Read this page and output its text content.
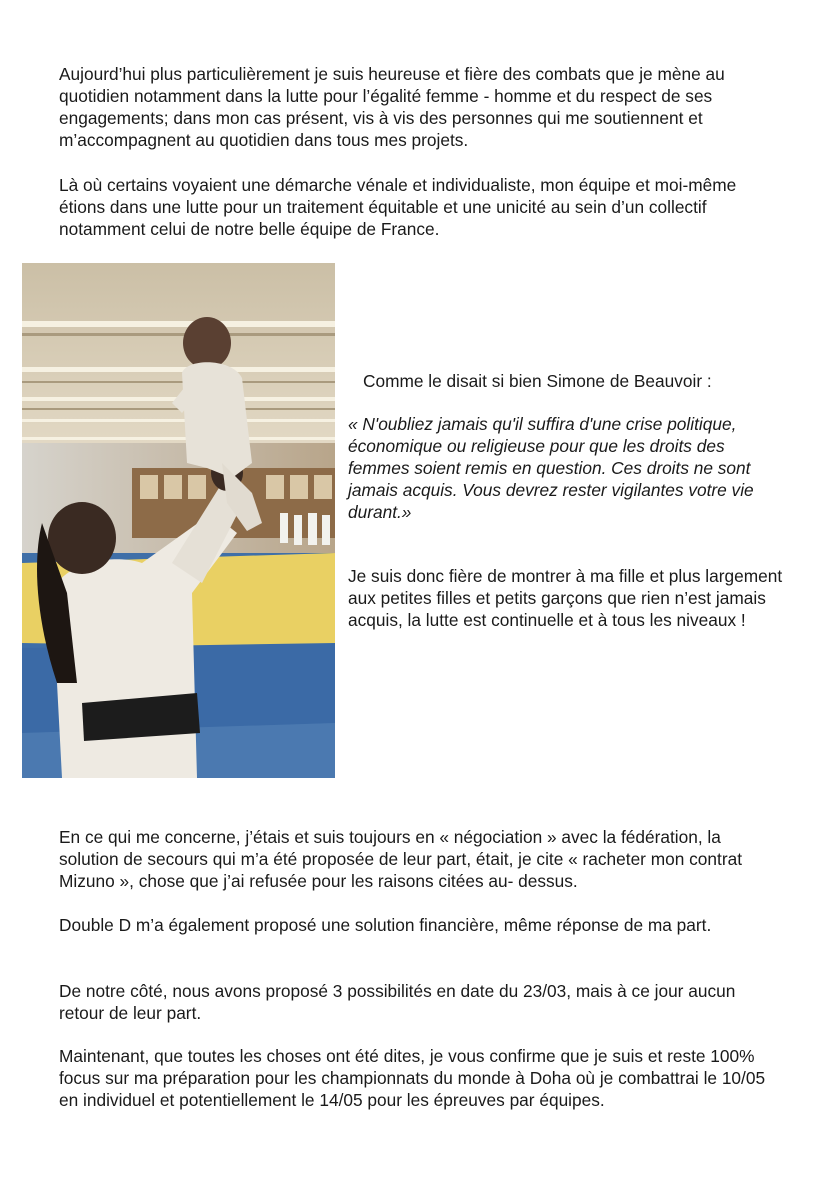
Aujourd’hui plus particulièrement je suis heureuse et fière des combats que je mène au quotidien notamment dans la lutte pour l’égalité femme - homme et du respect de ses engagements; dans mon cas présent, vis à vis des personnes qui me soutiennent et m’accompagnent au quotidien dans tous mes projets.

Là où certains voyaient une démarche vénale et individualiste, mon équipe et moi-même étions dans une lutte pour un traitement équitable et une unicité au sein d’un collectif notamment celui de notre belle équipe de France.

Comme le disait si bien Simone de Beauvoir :

« N'oubliez jamais qu'il suffira d'une crise politique, économique ou religieuse pour que les droits des femmes soient remis en question. Ces droits ne sont jamais acquis. Vous devrez rester vigilantes votre vie durant.»

Je suis donc fière de montrer à ma fille et plus largement aux petites filles et petits garçons que rien n’est jamais acquis, la lutte est continuelle et à tous les niveaux !

En ce qui me concerne, j’étais et suis toujours en « négociation » avec la fédération, la solution de secours qui m’a été proposée de leur part, était, je cite « racheter mon contrat Mizuno », chose que j’ai refusée pour les raisons citées au- dessus.

Double D m’a également proposé une solution financière, même réponse de ma part.

De notre côté, nous avons proposé 3 possibilités en date du 23/03, mais à ce jour aucun retour de leur part.

Maintenant, que toutes les choses ont été dites, je vous confirme que je suis et reste 100% focus sur ma préparation pour les championnats du monde à Doha où je combattrai le 10/05 en individuel et potentiellement le 14/05 pour les épreuves par équipes.
